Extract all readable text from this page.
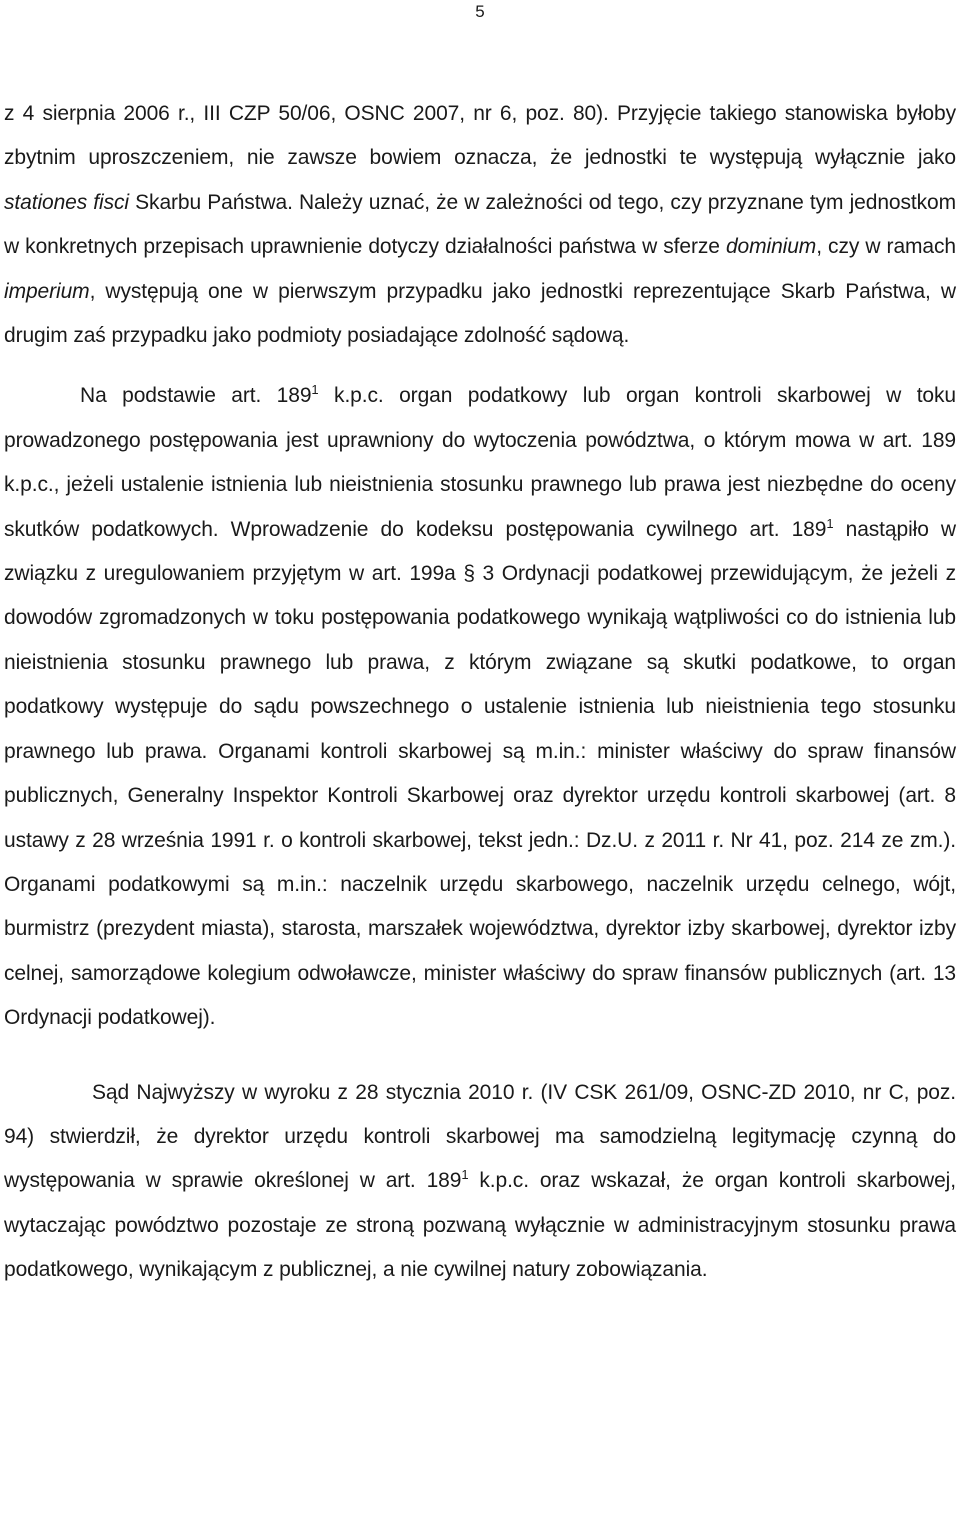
5

z 4 sierpnia 2006 r., III CZP 50/06, OSNC 2007, nr 6, poz. 80). Przyjęcie takiego stanowiska byłoby zbytnim uproszczeniem, nie zawsze bowiem oznacza, że jednostki te występują wyłącznie jako stationes fisci Skarbu Państwa. Należy uznać, że w zależności od tego, czy przyznane tym jednostkom w konkretnych przepisach uprawnienie dotyczy działalności państwa w sferze dominium, czy w ramach imperium, występują one w pierwszym przypadku jako jednostki reprezentujące Skarb Państwa, w drugim zaś przypadku jako podmioty posiadające zdolność sądową.

Na podstawie art. $189^1$ k.p.c. organ podatkowy lub organ kontroli skarbowej w toku prowadzonego postępowania jest uprawniony do wytoczenia powództwa, o którym mowa w art. 189 k.p.c., jeżeli ustalenie istnienia lub nieistnienia stosunku prawnego lub prawa jest niezbędne do oceny skutków podatkowych. Wprowadzenie do kodeksu postępowania cywilnego art. $189^1$ nastąpiło w związku z uregulowaniem przyjętym w art. 199a § 3 Ordynacji podatkowej przewidującym, że jeżeli z dowodów zgromadzonych w toku postępowania podatkowego wynikają wątpliwości co do istnienia lub nieistnienia stosunku prawnego lub prawa, z którym związane są skutki podatkowe, to organ podatkowy występuje do sądu powszechnego o ustalenie istnienia lub nieistnienia tego stosunku prawnego lub prawa. Organami kontroli skarbowej są m.in.: minister właściwy do spraw finansów publicznych, Generalny Inspektor Kontroli Skarbowej oraz dyrektor urzędu kontroli skarbowej (art. 8 ustawy z 28 września 1991 r. o kontroli skarbowej, tekst jedn.: Dz.U. z 2011 r. Nr 41, poz. 214 ze zm.). Organami podatkowymi są m.in.: naczelnik urzędu skarbowego, naczelnik urzędu celnego, wójt, burmistrz (prezydent miasta), starosta, marszałek województwa, dyrektor izby skarbowej, dyrektor izby celnej, samorządowe kolegium odwoławcze, minister właściwy do spraw finansów publicznych (art. 13 Ordynacji podatkowej).

Sąd Najwyższy w wyroku z 28 stycznia 2010 r. (IV CSK 261/09, OSNC-ZD 2010, nr C, poz. 94) stwierdził, że dyrektor urzędu kontroli skarbowej ma samodzielną legitymację czynną do występowania w sprawie określonej w art. $189^1$ k.p.c. oraz wskazał, że organ kontroli skarbowej, wytaczając powództwo pozostaje ze stroną pozwaną wyłącznie w administracyjnym stosunku prawa podatkowego, wynikającym z publicznej, a nie cywilnej natury zobowiązania.
